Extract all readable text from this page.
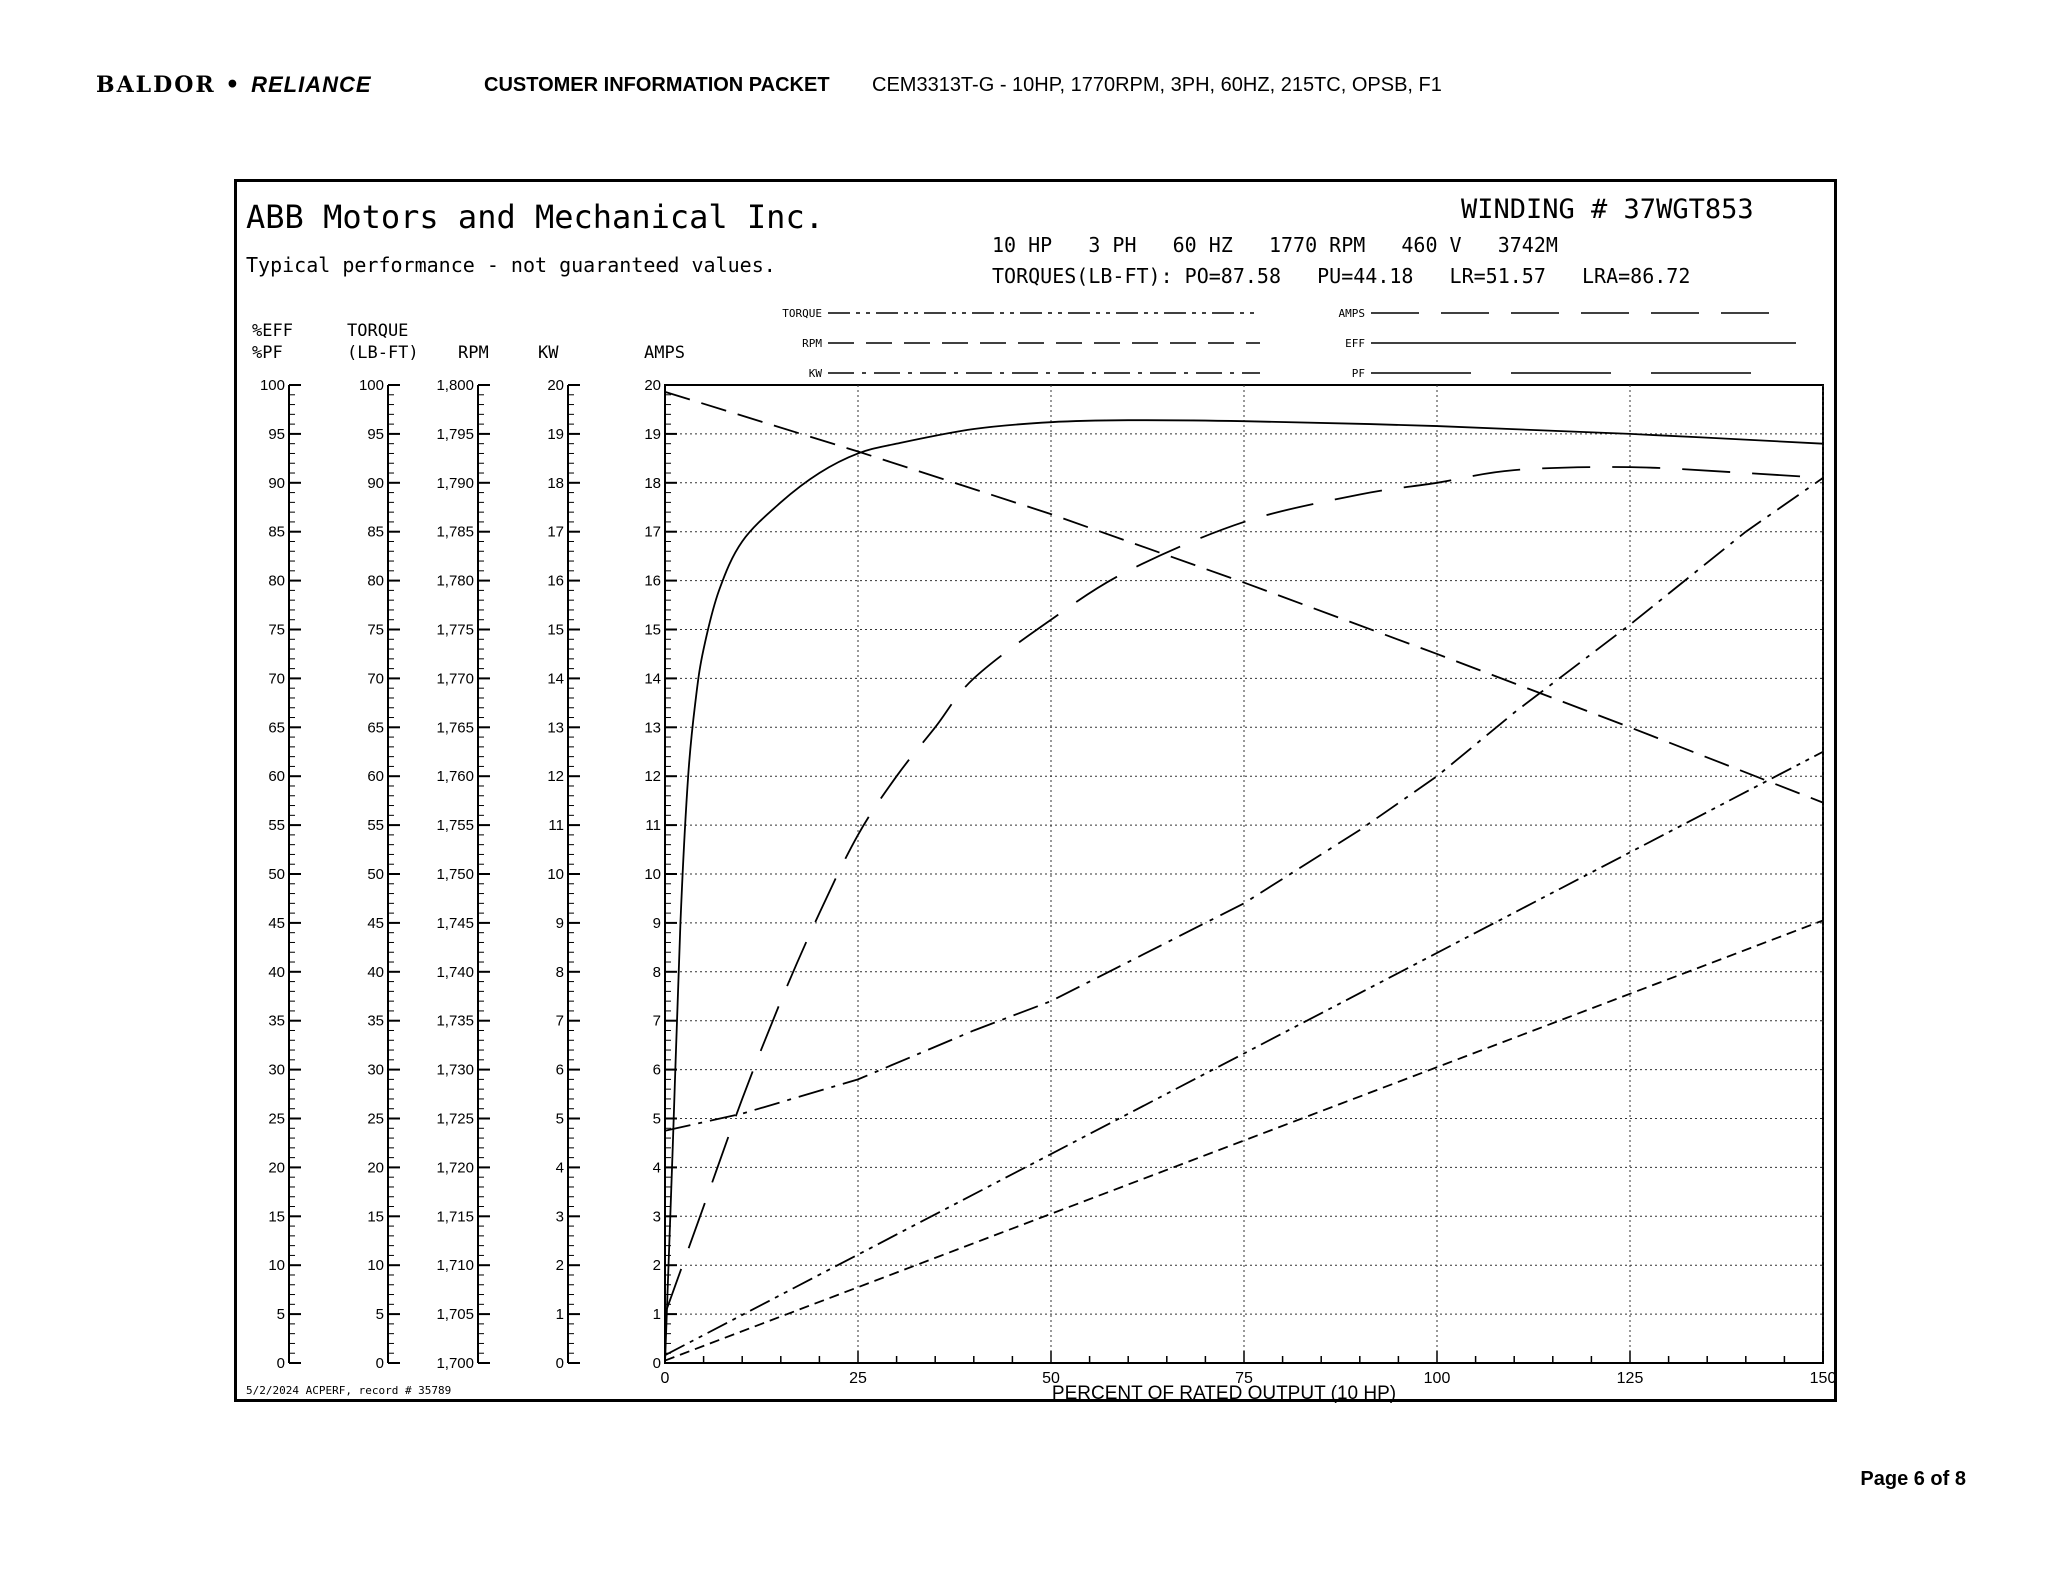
BALDOR • RELIANCE	CUSTOMER INFORMATION PACKET CEM3313T-G - 10HP, 1770RPM, 3PH, 60HZ, 215TC, OPSB, F1
ABB Motors and Mechanical Inc.
Typical performance - not guaranteed values.
WINDING # 37WGT853
10 HP   3 PH   60 HZ   1770 RPM   460 V   3742M
TORQUES(LB-FT): PO=87.58   PU=44.18   LR=51.57   LRA=86.72
5/2/2024 ACPERF, record # 35789
0	25	50	75	100	125	150
PERCENT OF RATED OUTPUT (10 HP)
0
5
10
15
20
25
30
35
40
45
50
55
60
65
70
75
80
85
90
95
100
%EFF
%PF
0
5
10
15
20
25
30
35
40
45
50
55
60
65
70
75
80
85
90
95
100
TORQUE
(LB-FT)
1,700
1,705
1,710
1,715
1,720
1,725
1,730
1,735
1,740
1,745
1,750
1,755
1,760
1,765
1,770
1,775
1,780
1,785
1,790
1,795
1,800
RPM
0
1
2
3
4
5
6
7
8
9
10
11
12
13
14
15
16
17
18
19
20
KW
0
1
2
3
4
5
6
7
8
9
10
11
12
13
14
15
16
17
18
19
20
AMPS
TORQUE
RPM
KW
AMPS
EFF
PF
Page 6 of 8
